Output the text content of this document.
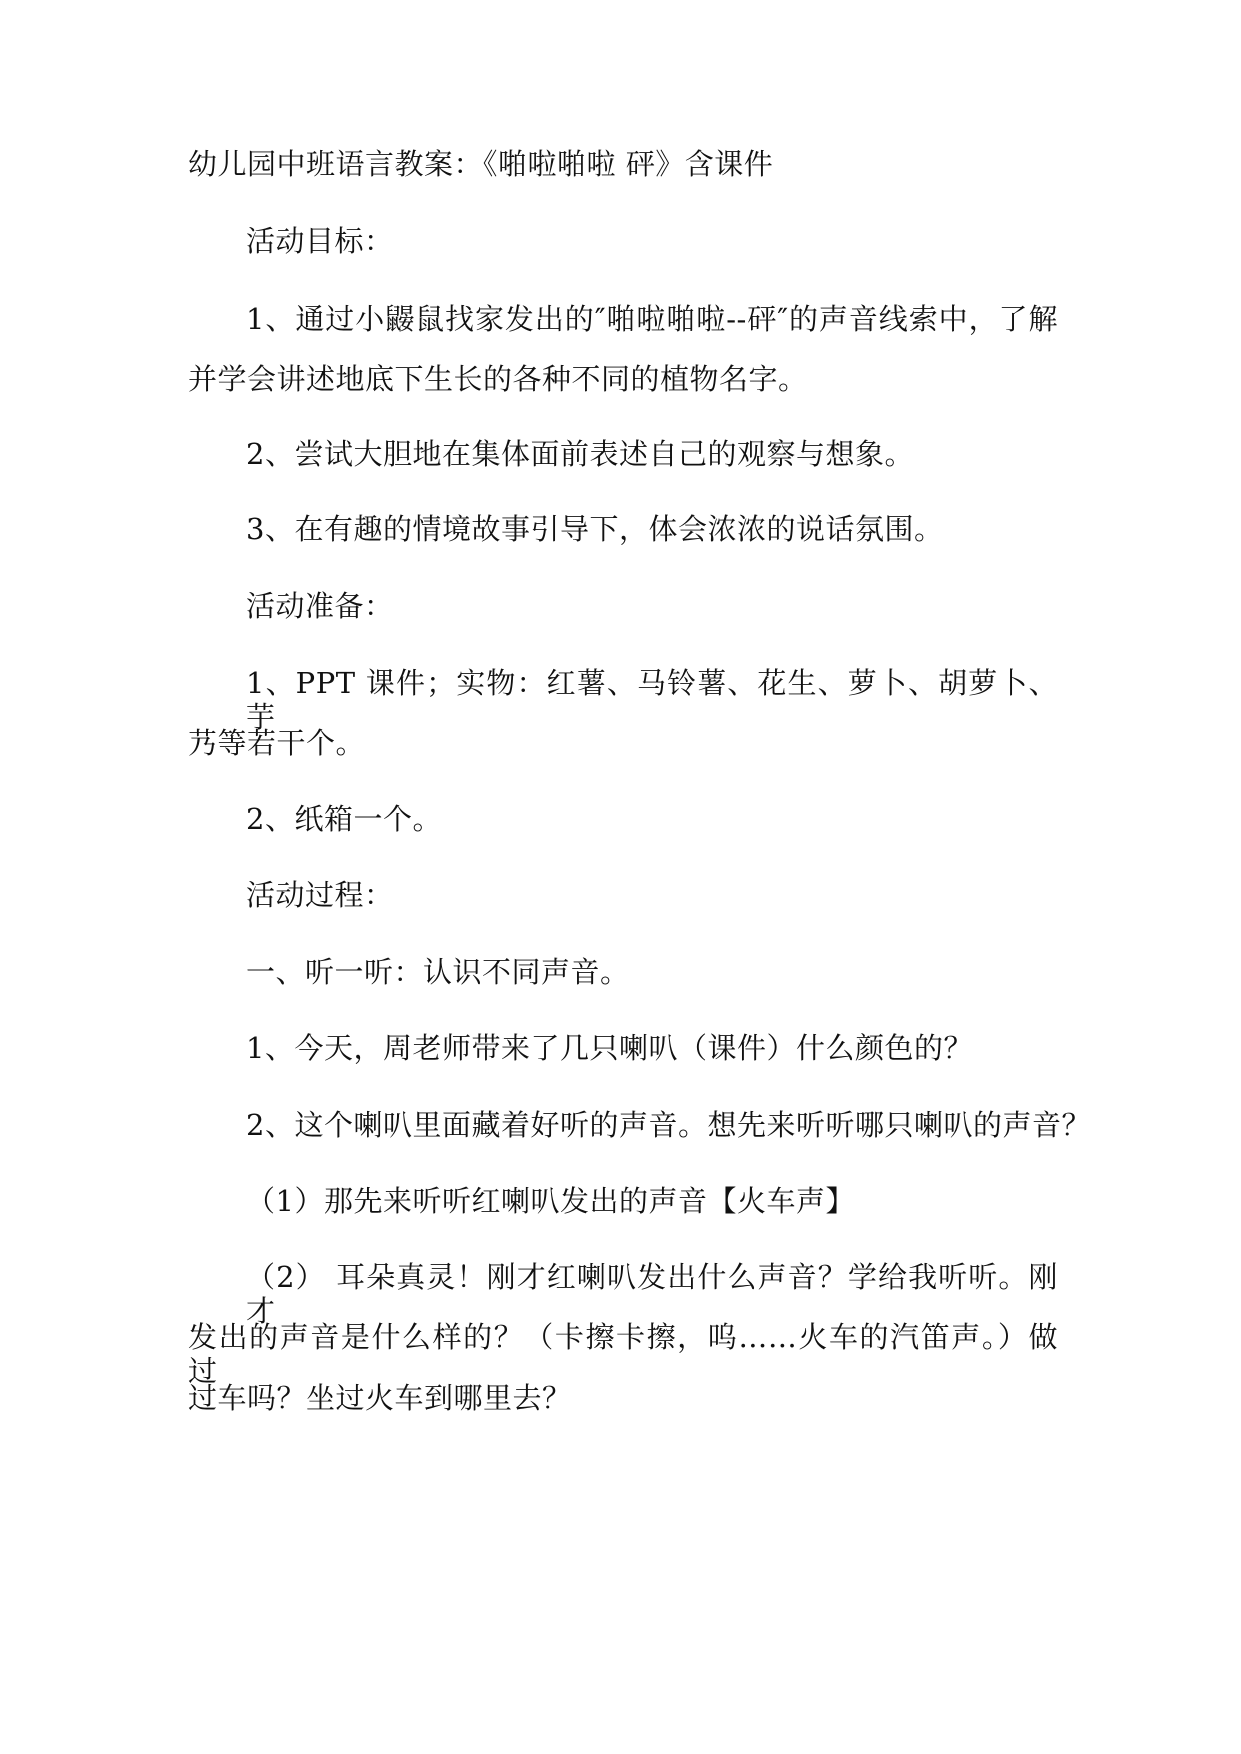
幼儿园中班语言教案：《啪啦啪啦 砰》含课件
活动目标：
1、通过小鼹鼠找家发出的″啪啦啪啦--砰″的声音线索中，了解
并学会讲述地底下生长的各种不同的植物名字。
2、尝试大胆地在集体面前表述自己的观察与想象。
3、在有趣的情境故事引导下，体会浓浓的说话氛围。
活动准备：
1、PPT 课件；实物：红薯、马铃薯、花生、萝卜、胡萝卜、芋
艿等若干个。
2、纸箱一个。
活动过程：
一、听一听：认识不同声音。
1、今天，周老师带来了几只喇叭（课件）什么颜色的？
2、这个喇叭里面藏着好听的声音。想先来听听哪只喇叭的声音？
（1）那先来听听红喇叭发出的声音【火车声】
（2） 耳朵真灵！刚才红喇叭发出什么声音？学给我听听。刚才
发出的声音是什么样的？（卡擦卡擦，呜……火车的汽笛声。）做过
过车吗？坐过火车到哪里去？
